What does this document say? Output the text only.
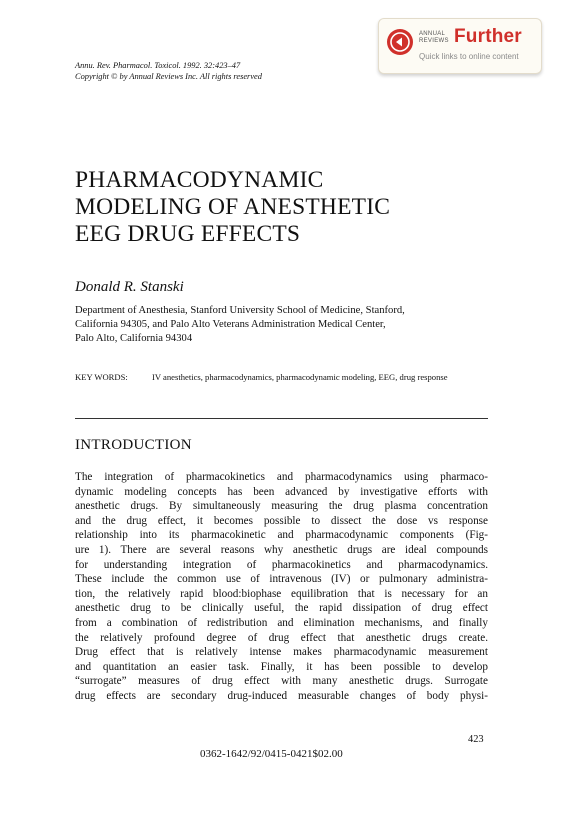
ANNUAL
REVIEWS Further
Quick links to online content
Annu. Rev. Pharmacol. Toxicol. 1992. 32:423–47
Copyright © by Annual Reviews Inc. All rights reserved
PHARMACODYNAMIC
MODELING OF ANESTHETIC
EEG DRUG EFFECTS
Donald R. Stanski
Department of Anesthesia, Stanford University School of Medicine, Stanford,
California 94305, and Palo Alto Veterans Administration Medical Center,
Palo Alto, California 94304
KEY WORDS:	IV anesthetics, pharmacodynamics, pharmacodynamic modeling, EEG, drug response
INTRODUCTION
The integration of pharmacokinetics and pharmacodynamics using pharmaco-
dynamic modeling concepts has been advanced by investigative efforts with
anesthetic drugs. By simultaneously measuring the drug plasma concentration
and the drug effect, it becomes possible to dissect the dose vs response
relationship into its pharmacokinetic and pharmacodynamic components (Fig-
ure 1). There are several reasons why anesthetic drugs are ideal compounds
for understanding integration of pharmacokinetics and pharmacodynamics.
These include the common use of intravenous (IV) or pulmonary administra-
tion, the relatively rapid blood:biophase equilibration that is necessary for an
anesthetic drug to be clinically useful, the rapid dissipation of drug effect
from a combination of redistribution and elimination mechanisms, and finally
the relatively profound degree of drug effect that anesthetic drugs create.
Drug effect that is relatively intense makes pharmacodynamic measurement
and quantitation an easier task. Finally, it has been possible to develop
“surrogate” measures of drug effect with many anesthetic drugs. Surrogate
drug effects are secondary drug-induced measurable changes of body physi-
423
0362-1642/92/0415-0421$02.00
